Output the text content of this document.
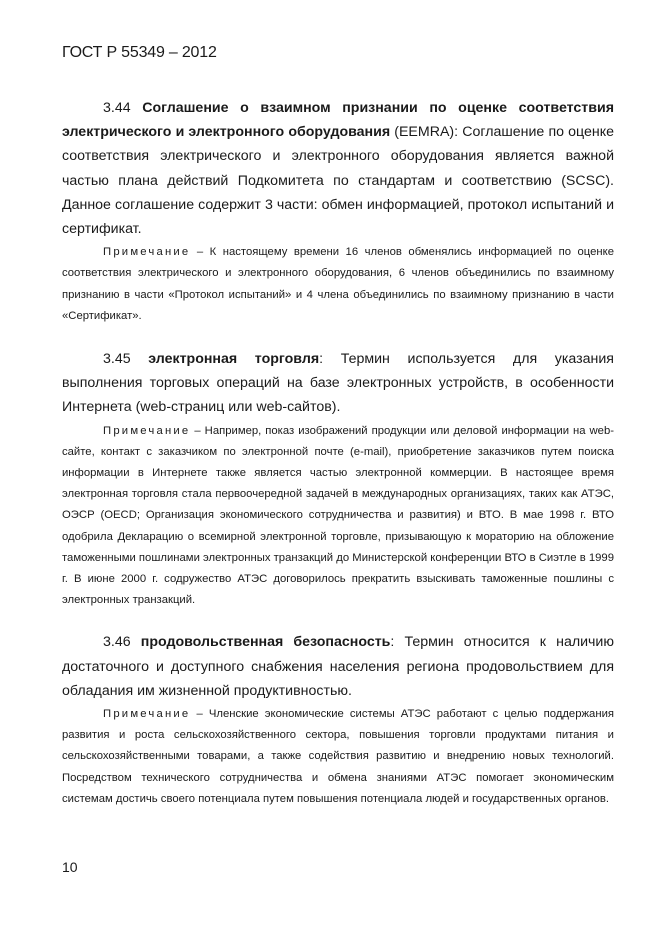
ГОСТ Р 55349 – 2012

3.44 Соглашение о взаимном признании по оценке соответствия электрического и электронного оборудования (EEMRA): Соглашение по оценке соответствия электрического и электронного оборудования является важной частью плана действий Подкомитета по стандартам и соответствию (SCSC). Данное соглашение содержит 3 части: обмен информацией, протокол испытаний и сертификат.

Примечание – К настоящему времени 16 членов обменялись информацией по оценке соответствия электрического и электронного оборудования, 6 членов объединились по взаимному признанию в части «Протокол испытаний» и 4 члена объединились по взаимному признанию в части «Сертификат».

3.45 электронная торговля: Термин используется для указания выполнения торговых операций на базе электронных устройств, в особенности Интернета (web-страниц или web-сайтов).

Примечание – Например, показ изображений продукции или деловой информации на web-сайте, контакт с заказчиком по электронной почте (e-mail), приобретение заказчиков путем поиска информации в Интернете также является частью электронной коммерции. В настоящее время электронная торговля стала первоочередной задачей в международных организациях, таких как АТЭС, ОЭСР (OECD; Организация экономического сотрудничества и развития) и ВТО. В мае 1998 г. ВТО одобрила Декларацию о всемирной электронной торговле, призывающую к мораторию на обложение таможенными пошлинами электронных транзакций до Министерской конференции ВТО в Сиэтле в 1999 г. В июне 2000 г. содружество АТЭС договорилось прекратить взыскивать таможенные пошлины с электронных транзакций.

3.46 продовольственная безопасность: Термин относится к наличию достаточного и доступного снабжения населения региона продовольствием для обладания им жизненной продуктивностью.

Примечание – Членские экономические системы АТЭС работают с целью поддержания развития и роста сельскохозяйственного сектора, повышения торговли продуктами питания и сельскохозяйственными товарами, а также содействия развитию и внедрению новых технологий. Посредством технического сотрудничества и обмена знаниями АТЭС помогает экономическим системам достичь своего потенциала путем повышения потенциала людей и государственных органов.

10
